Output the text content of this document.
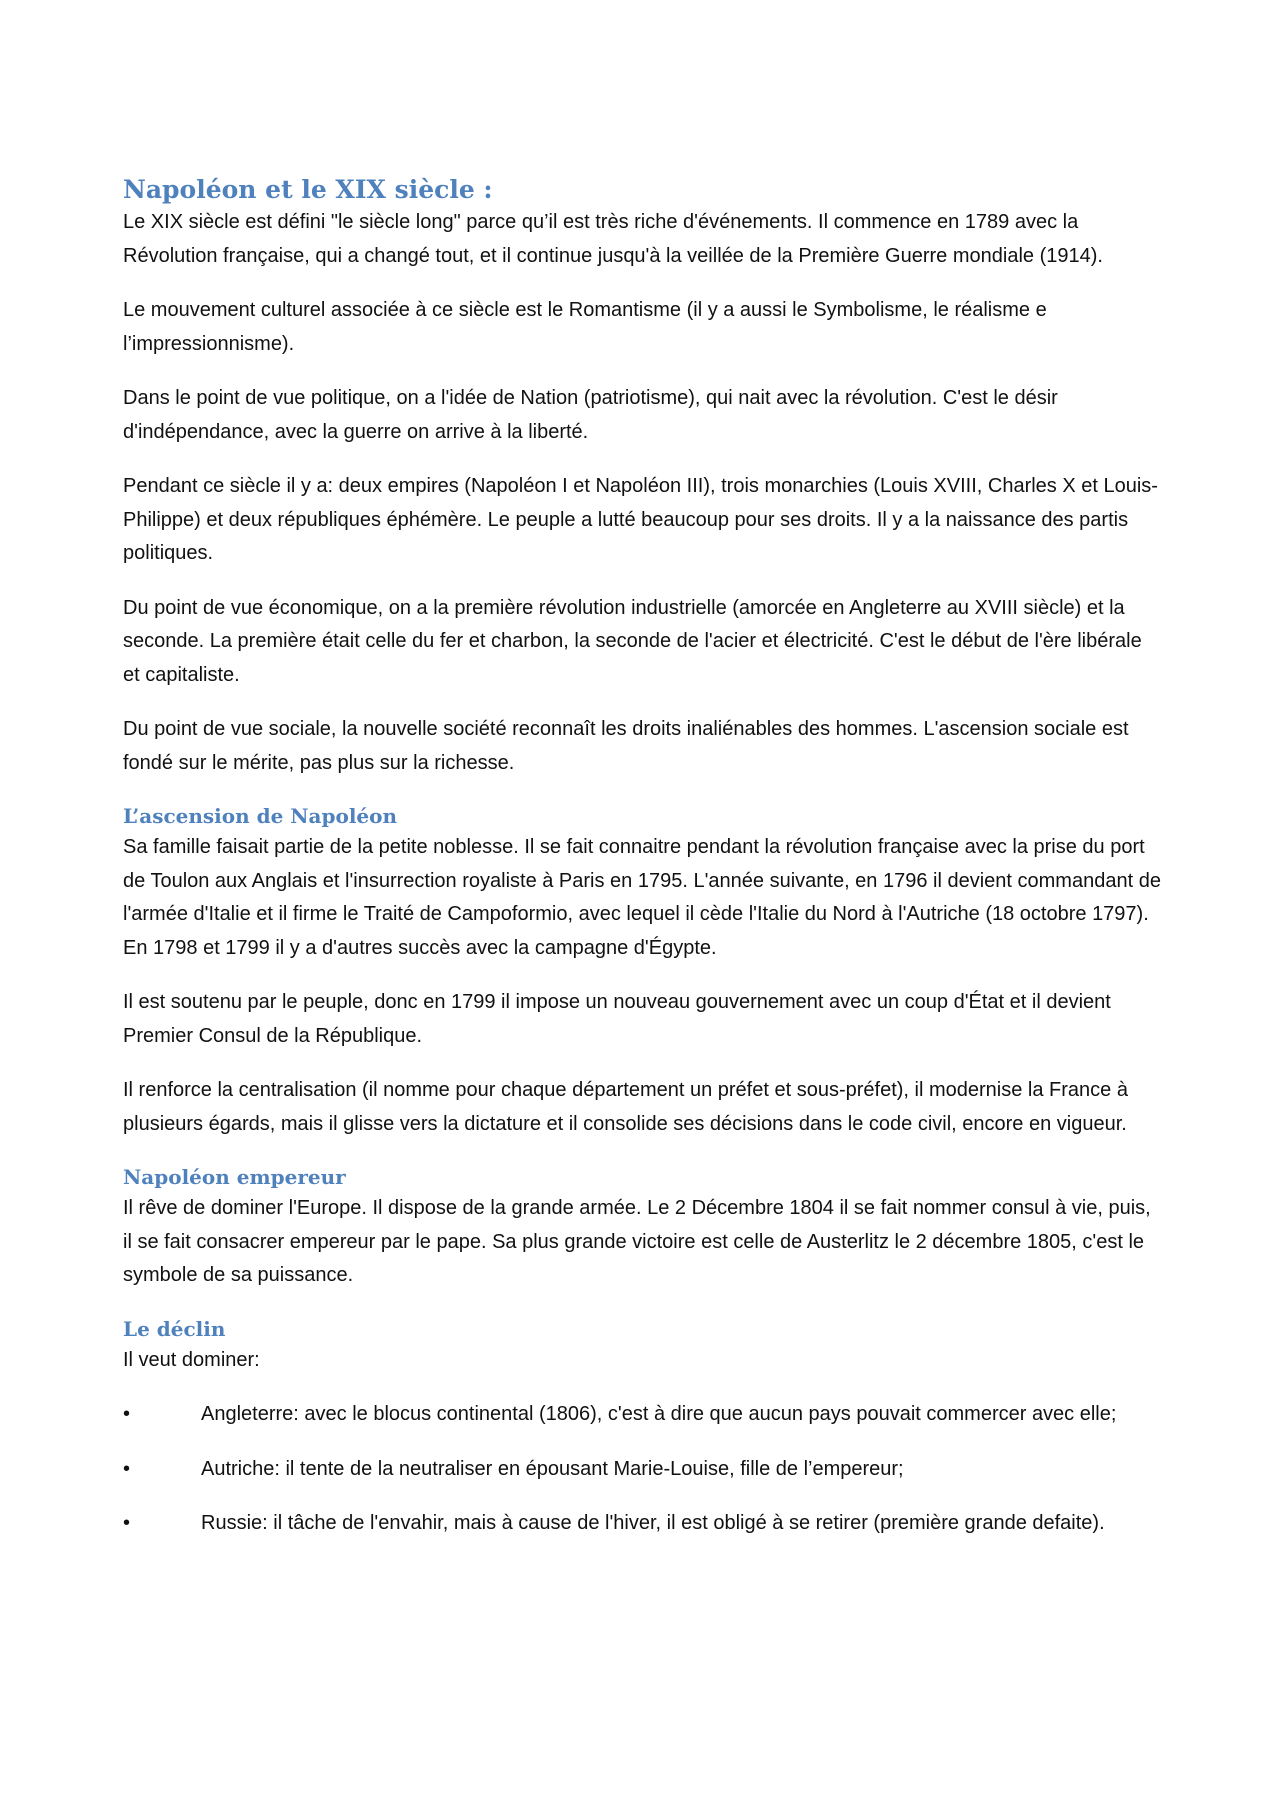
Napoléon et le XIX siècle :

Le XIX siècle est défini "le siècle long" parce qu’il est très riche d'événements. Il commence en 1789 avec la Révolution française, qui a changé tout, et il continue jusqu'à la veillée de la Première Guerre mondiale (1914).

Le mouvement culturel associée à ce siècle est le Romantisme (il y a aussi le Symbolisme, le réalisme e l’impressionnisme).

Dans le point de vue politique, on a l'idée de Nation (patriotisme), qui nait avec la révolution. C'est le désir d'indépendance, avec la guerre on arrive à la liberté.

Pendant ce siècle il y a: deux empires (Napoléon I et Napoléon III), trois monarchies (Louis XVIII, Charles X et Louis-Philippe) et deux républiques éphémère. Le peuple a lutté beaucoup pour ses droits. Il y a la naissance des partis politiques.

Du point de vue économique, on a la première révolution industrielle (amorcée en Angleterre au XVIII siècle) et la seconde. La première était celle du fer et charbon, la seconde de l'acier et électricité. C'est le début de l'ère libérale et capitaliste.

Du point de vue sociale, la nouvelle société reconnaît les droits inaliénables des hommes. L'ascension sociale est fondé sur le mérite, pas plus sur la richesse.

L’ascension de Napoléon

Sa famille faisait partie de la petite noblesse. Il se fait connaitre pendant la révolution française avec la prise du port de Toulon aux Anglais et l'insurrection royaliste à Paris en 1795. L'année suivante, en 1796 il devient commandant de l'armée d'Italie et il firme le Traité de Campoformio, avec lequel il cède l'Italie du Nord à l'Autriche (18 octobre 1797). En 1798 et 1799 il y a d'autres succès avec la campagne d'Égypte.

Il est soutenu par le peuple, donc en 1799 il impose un nouveau gouvernement avec un coup d'État et il devient Premier Consul de la République.

Il renforce la centralisation (il nomme pour chaque département un préfet et sous-préfet), il modernise la France à plusieurs égards, mais il glisse vers la dictature et il consolide ses décisions dans le code civil, encore en vigueur.

Napoléon empereur

Il rêve de dominer l'Europe. Il dispose de la grande armée. Le 2 Décembre 1804 il se fait nommer consul à vie, puis, il se fait consacrer empereur par le pape. Sa plus grande victoire est celle de Austerlitz le 2 décembre 1805, c'est le symbole de sa puissance.

Le déclin

Il veut dominer:

•	Angleterre: avec le blocus continental (1806), c'est à dire que aucun pays pouvait commercer avec elle;
•	Autriche: il tente de la neutraliser en épousant Marie-Louise, fille de l’empereur;
•	Russie: il tâche de l'envahir, mais à cause de l'hiver, il est obligé à se retirer (première grande defaite).
